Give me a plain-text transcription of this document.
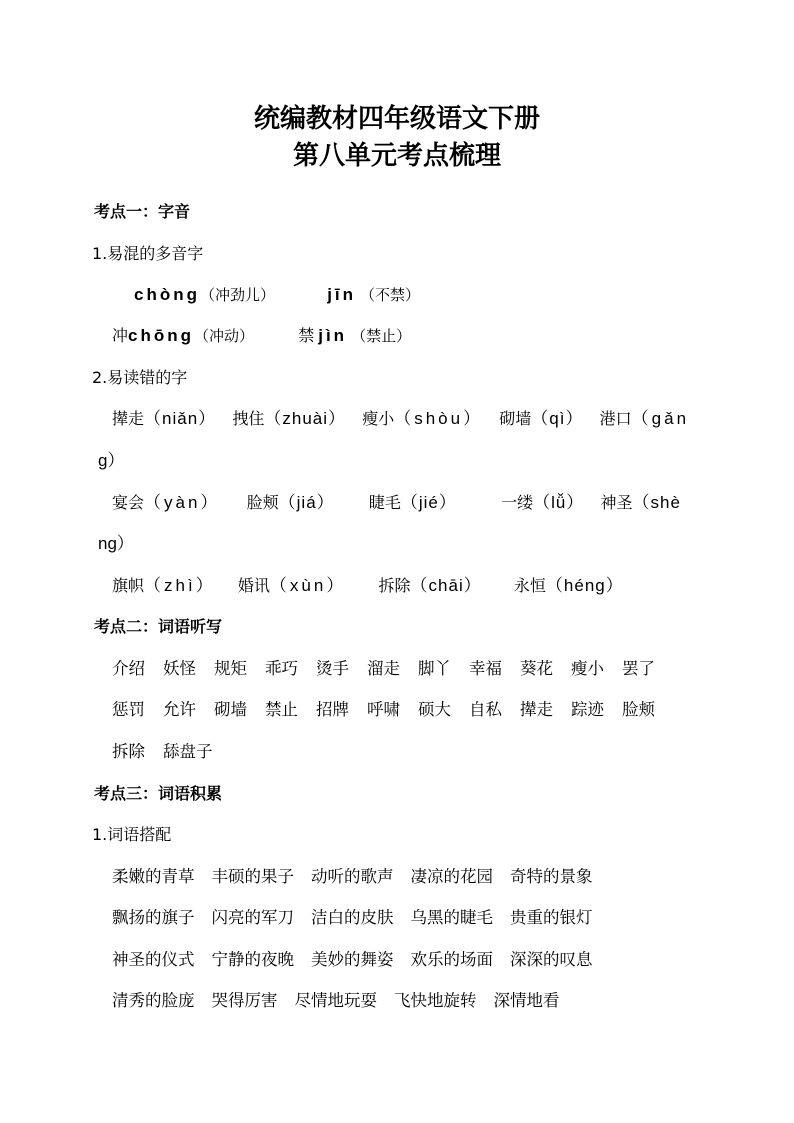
统编教材四年级语文下册
第八单元考点梳理
考点一：字音
1.易混的多音字
chòng（冲劲儿）	jīn （不禁）
冲chōng（冲动）	禁 jìn （禁止）
2.易读错的字
撵走（niǎn） 拽住（zhuài） 瘦小（shòu） 砌墙（qì） 港口（gǎn
g）
宴会（yàn） 脸颊（jiá） 睫毛（jié）	一缕（lǚ） 神圣（shè
ng）
旗帜（zhì） 婚讯（xùn） 拆除（chāi） 永恒（héng）
考点二：词语听写
介绍 妖怪 规矩 乖巧 烫手 溜走 脚丫 幸福 葵花 瘦小 罢了
惩罚 允许 砌墙 禁止 招牌 呼啸 硕大 自私 撵走 踪迹 脸颊
拆除 舔盘子
考点三：词语积累
1.词语搭配
柔嫩的青草 丰硕的果子 动听的歌声 凄凉的花园 奇特的景象
飘扬的旗子 闪亮的军刀 洁白的皮肤 乌黑的睫毛 贵重的银灯
神圣的仪式 宁静的夜晚 美妙的舞姿 欢乐的场面 深深的叹息
清秀的脸庞 哭得厉害 尽情地玩耍 飞快地旋转 深情地看
